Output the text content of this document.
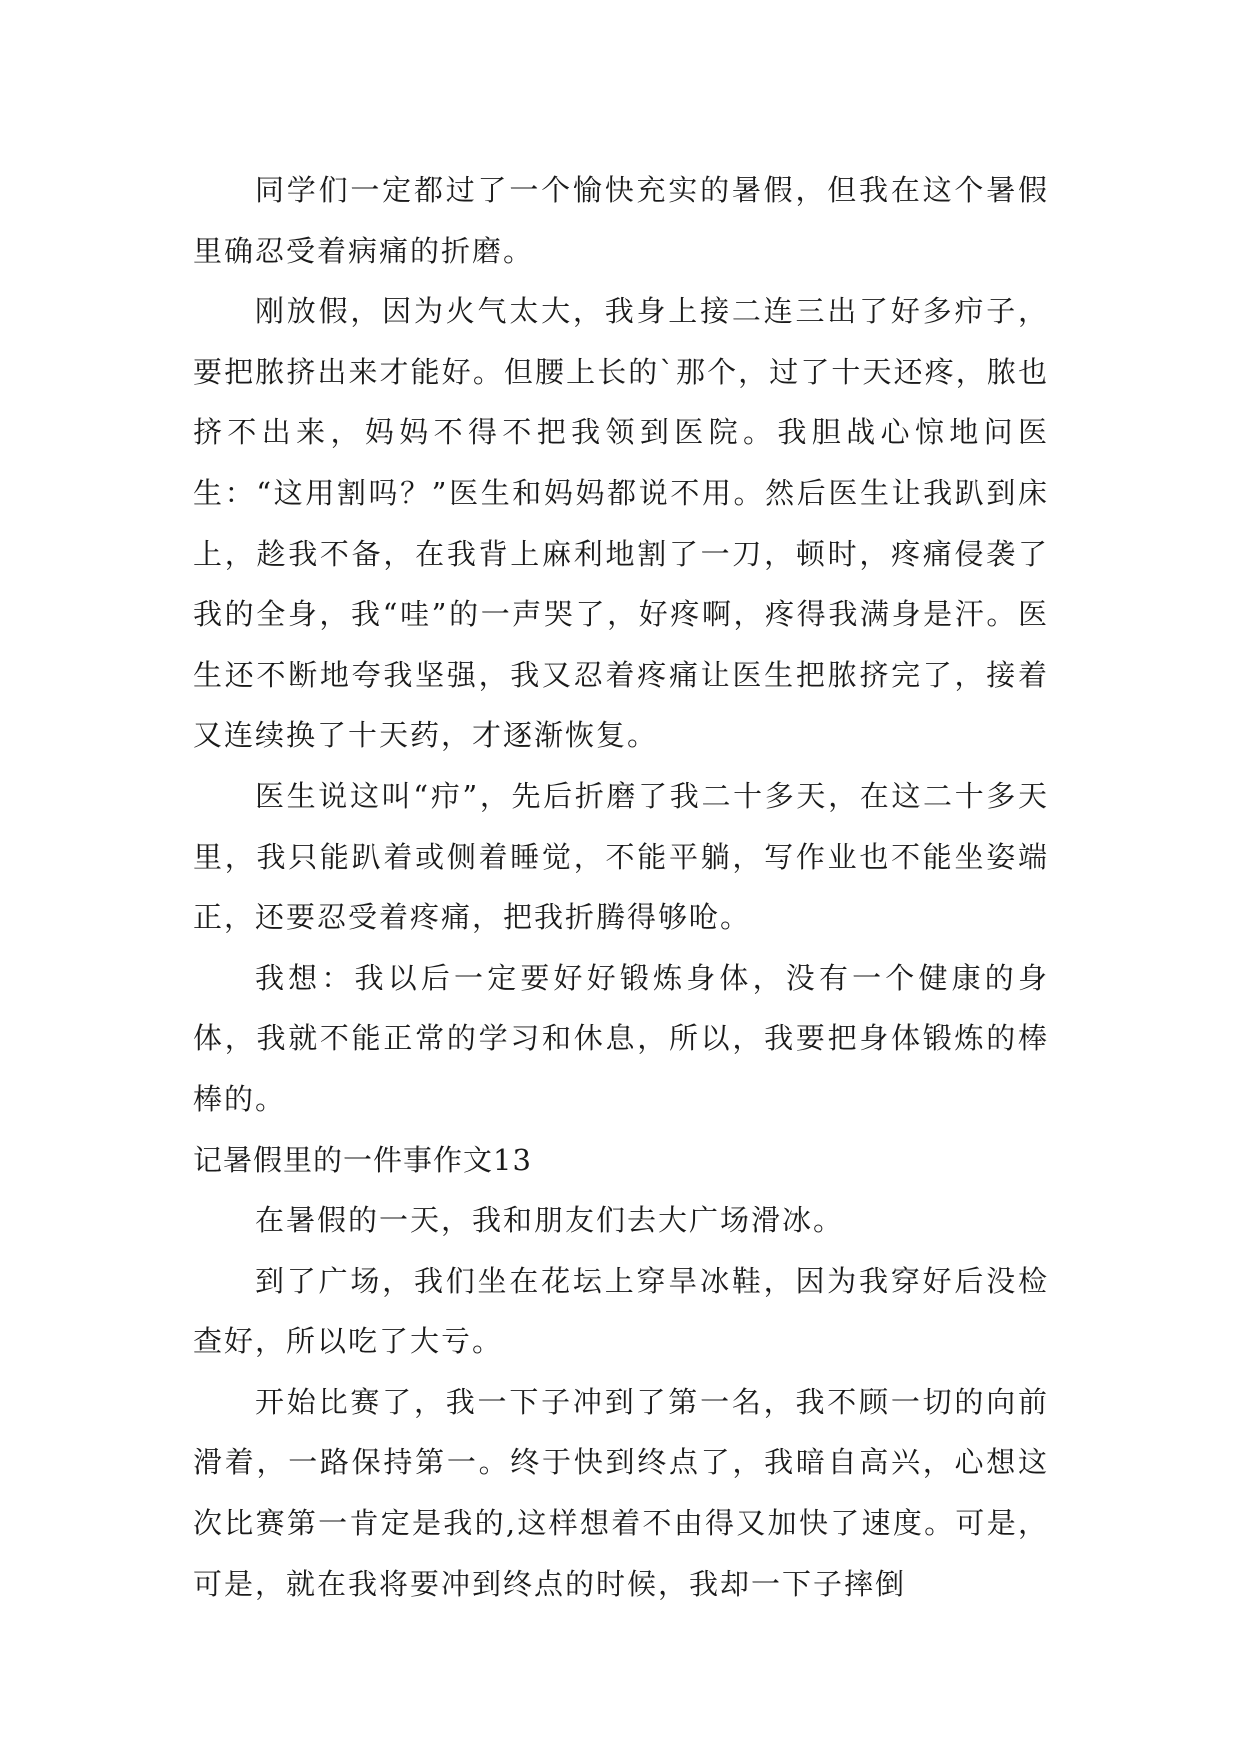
同学们一定都过了一个愉快充实的暑假，但我在这个暑假里确忍受着病痛的折磨。

刚放假，因为火气太大，我身上接二连三出了好多疖子，要把脓挤出来才能好。但腰上长的`那个，过了十天还疼，脓也挤不出来，妈妈不得不把我领到医院。我胆战心惊地问医生：“这用割吗？”医生和妈妈都说不用。然后医生让我趴到床上，趁我不备，在我背上麻利地割了一刀，顿时，疼痛侵袭了我的全身，我“哇”的一声哭了，好疼啊，疼得我满身是汗。医生还不断地夸我坚强，我又忍着疼痛让医生把脓挤完了，接着又连续换了十天药，才逐渐恢复。

医生说这叫“疖”，先后折磨了我二十多天，在这二十多天里，我只能趴着或侧着睡觉，不能平躺，写作业也不能坐姿端正，还要忍受着疼痛，把我折腾得够呛。

我想：我以后一定要好好锻炼身体，没有一个健康的身体，我就不能正常的学习和休息，所以，我要把身体锻炼的棒棒的。

记暑假里的一件事作文13

在暑假的一天，我和朋友们去大广场滑冰。

到了广场，我们坐在花坛上穿旱冰鞋，因为我穿好后没检查好，所以吃了大亏。

开始比赛了，我一下子冲到了第一名，我不顾一切的向前滑着，一路保持第一。终于快到终点了，我暗自高兴，心想这次比赛第一肯定是我的,这样想着不由得又加快了速度。可是，可是，就在我将要冲到终点的时候，我却一下子摔倒
